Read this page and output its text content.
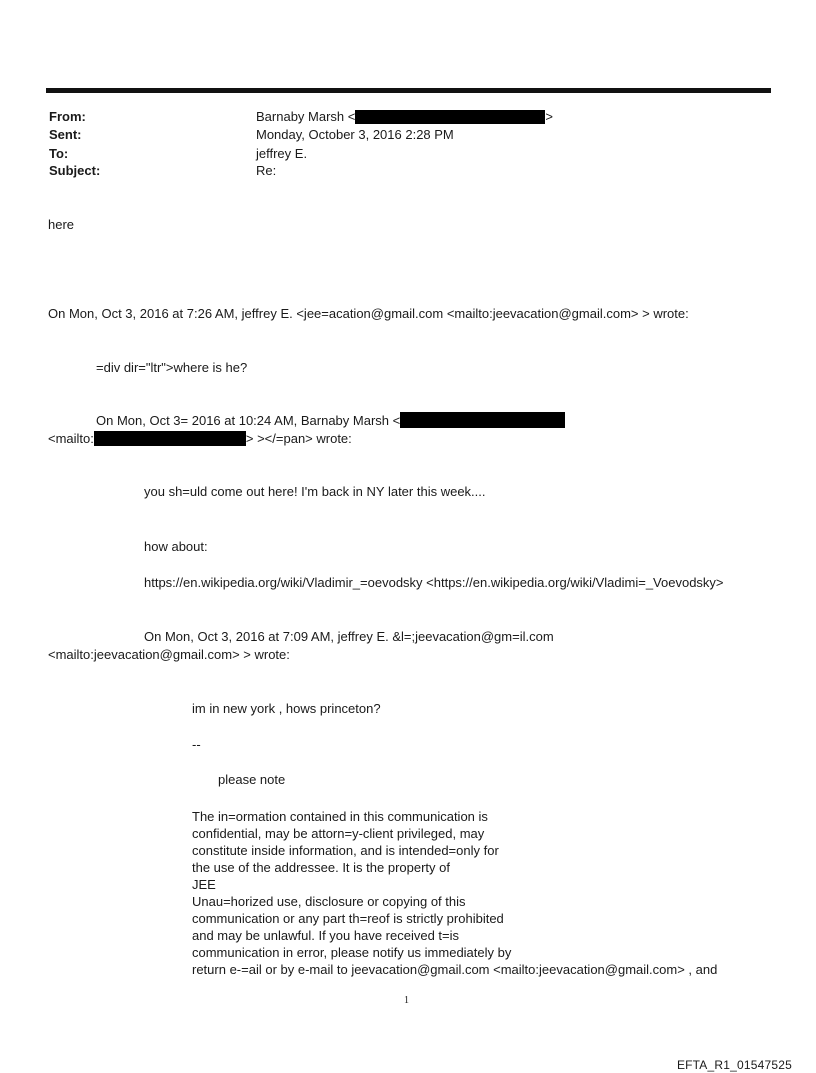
From:	Barnaby Marsh <	>
Sent:	Monday, October 3, 2016 2:28 PM
To:	jeffrey E.
Subject:	Re:
here
On Mon, Oct 3, 2016 at 7:26 AM, jeffrey E. <jee=acation@gmail.com <mailto:jeevacation@gmail.com> > wrote:
=div dir="ltr">where is he?
On Mon, Oct 3= 2016 at 10:24 AM, Barnaby Marsh <
<mailto:	> ></=pan> wrote:
you sh=uld come out here! I'm back in NY later this week....
how about:
https://en.wikipedia.org/wiki/Vladimir_=oevodsky <https://en.wikipedia.org/wiki/Vladimi=_Voevodsky>
On Mon, Oct 3, 2016 at 7:09 AM, jeffrey E. &l=;jeevacation@gm=il.com
<mailto:jeevacation@gmail.com> > wrote:
im in new york , hows princeton?
--
please note
The in=ormation contained in this communication is
confidential, may be attorn=y-client privileged, may
constitute inside information, and is intended=only for
the use of the addressee. It is the property of
JEE
Unau=horized use, disclosure or copying of this
communication or any part th=reof is strictly prohibited
and may be unlawful. If you have received t=is
communication in error, please notify us immediately by
return e-=ail or by e-mail to jeevacation@gmail.com <mailto:jeevacation@gmail.com> , and
1
EFTA_R1_01547525
